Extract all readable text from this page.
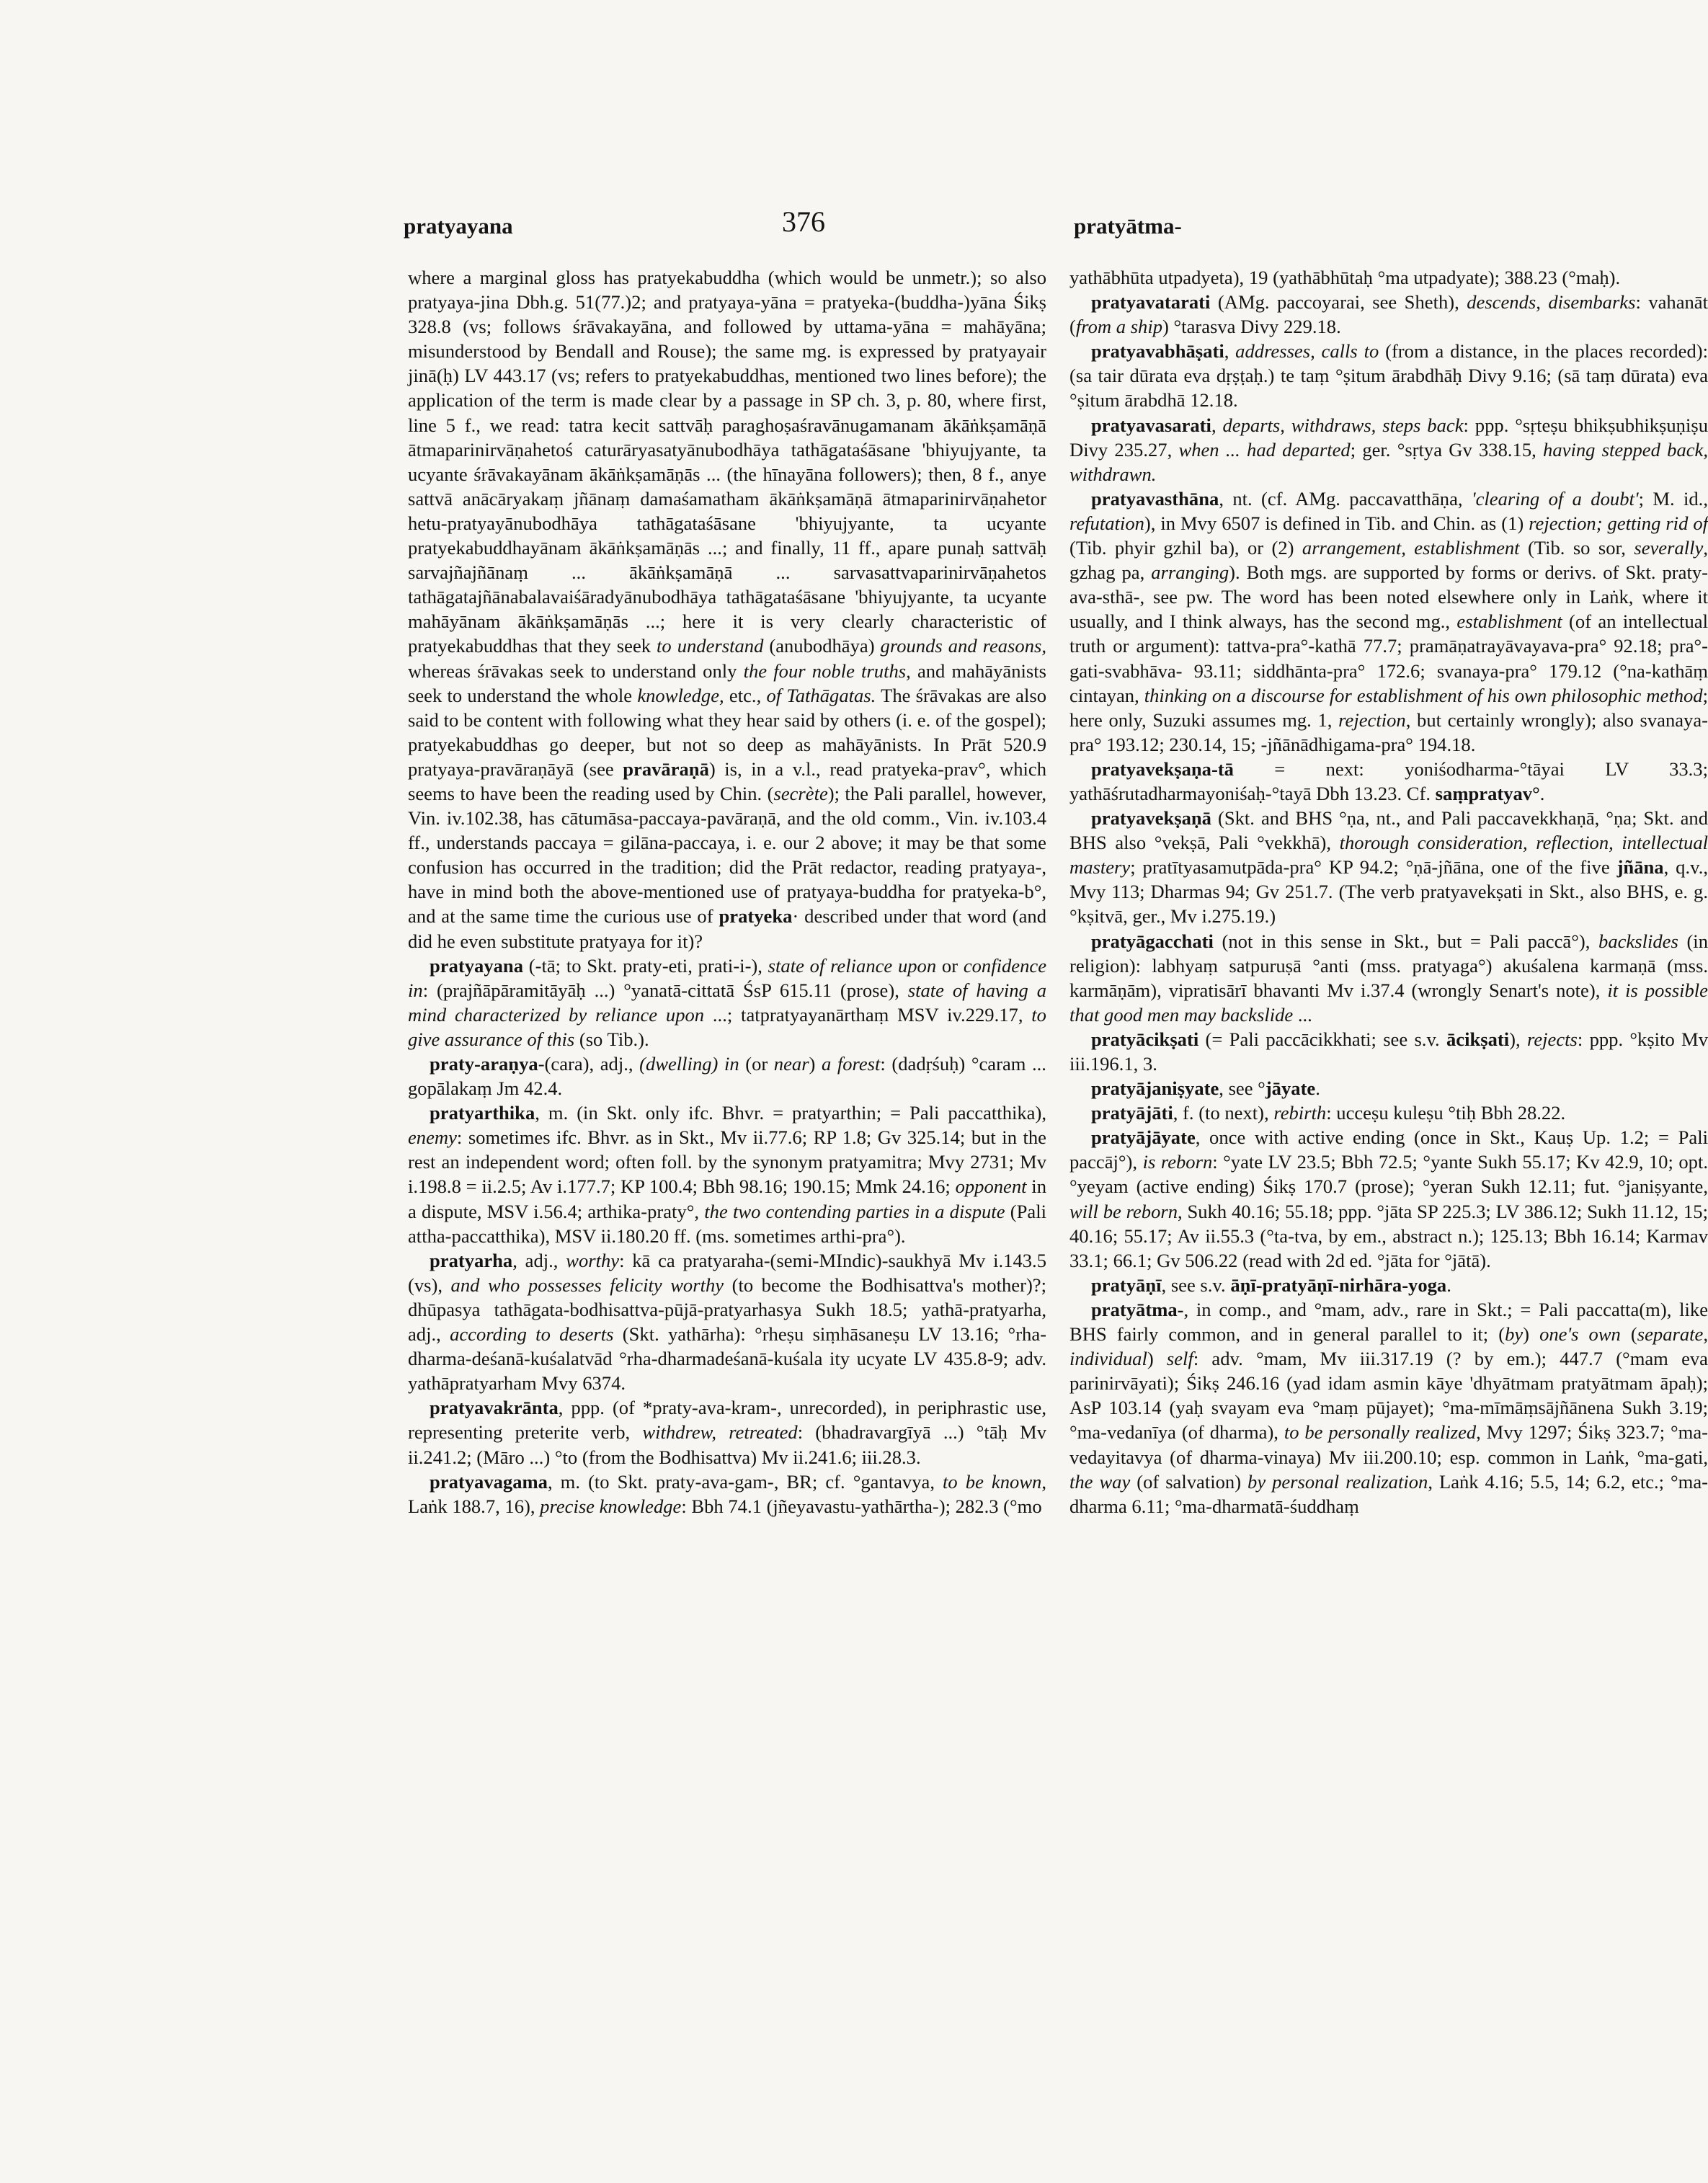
pratyayana	376	pratyātma-

where a marginal gloss has pratyekabuddha (which would be unmetr.); so also pratyaya-jina Dbh.g. 51(77.)2; and pratyaya-yāna = pratyeka-(buddha-)yāna Śikṣ 328.8 (vs; follows śrāvakayāna, and followed by uttama-yāna = mahāyāna; misunderstood by Bendall and Rouse); the same mg. is expressed by pratyayair jinā(ḥ) LV 443.17 (vs; refers to pratyekabuddhas, mentioned two lines before); the application of the term is made clear by a passage in SP ch. 3, p. 80, where first, line 5 f., we read: tatra kecit sattvāḥ paraghoṣaśravānugamanam ākāṅkṣamāṇā ātmaparinirvāṇahetoś caturāryasatyānubodhāya tathāgataśāsane 'bhiyujyante, ta ucyante śrāvakayānam ākāṅkṣamāṇās ... (the hīnayāna followers); then, 8 f., anye sattvā anācāryakaṃ jñānaṃ damaśamatham ākāṅkṣamāṇā ātmaparinirvāṇahetor hetu-pratyayānubodhāya tathāgataśāsane 'bhiyujyante, ta ucyante pratyekabuddhayānam ākāṅkṣamāṇās ...; and finally, 11 ff., apare punaḥ sattvāḥ sarvajñajñānaṃ ... ākāṅkṣamāṇā ... sarvasattvaparinirvāṇahetos tathāgatajñānabalavaiśāradyānubodhāya tathāgataśāsane 'bhiyujyante, ta ucyante mahāyānam ākāṅkṣamāṇās ...; here it is very clearly characteristic of pratyekabuddhas that they seek to understand (anubodhāya) grounds and reasons, whereas śrāvakas seek to understand only the four noble truths, and mahāyānists seek to understand the whole knowledge, etc., of Tathāgatas. The śrāvakas are also said to be content with following what they hear said by others (i. e. of the gospel); pratyekabuddhas go deeper, but not so deep as mahāyānists. In Prāt 520.9 pratyaya-pravāraṇāyā (see pravāraṇā) is, in a v.l., read pratyeka-prav°, which seems to have been the reading used by Chin. (secrète); the Pali parallel, however, Vin. iv.102.38, has cātumāsa-paccaya-pavāraṇā, and the old comm., Vin. iv.103.4 ff., understands paccaya = gilāna-paccaya, i. e. our 2 above; it may be that some confusion has occurred in the tradition; did the Prāt redactor, reading pratyaya-, have in mind both the above-mentioned use of pratyaya-buddha for pratyeka-b°, and at the same time the curious use of pratyeka· described under that word (and did he even substitute pratyaya for it)?

pratyayana (-tā; to Skt. praty-eti, prati-i-), state of reliance upon or confidence in: (prajñāpāramitāyāḥ ...) °yanatā-cittatā ŚsP 615.11 (prose), state of having a mind characterized by reliance upon ...; tatpratyayanārthaṃ MSV iv.229.17, to give assurance of this (so Tib.).

praty-araṇya-(cara), adj., (dwelling) in (or near) a forest: (dadṛśuḥ) °caram ... gopālakaṃ Jm 42.4.

pratyarthika, m. (in Skt. only ifc. Bhvr. = pratyarthin; = Pali paccatthika), enemy: sometimes ifc. Bhvr. as in Skt., Mv ii.77.6; RP 1.8; Gv 325.14; but in the rest an independent word; often foll. by the synonym pratyamitra; Mvy 2731; Mv i.198.8 = ii.2.5; Av i.177.7; KP 100.4; Bbh 98.16; 190.15; Mmk 24.16; opponent in a dispute, MSV i.56.4; arthika-praty°, the two contending parties in a dispute (Pali attha-paccatthika), MSV ii.180.20 ff. (ms. sometimes arthi-pra°).

pratyarha, adj., worthy: kā ca pratyaraha-(semi-MIndic)-saukhyā Mv i.143.5 (vs), and who possesses felicity worthy (to become the Bodhisattva's mother)?; dhūpasya tathāgata-bodhisattva-pūjā-pratyarhasya Sukh 18.5; yathā-pratyarha, adj., according to deserts (Skt. yathārha): °rheṣu siṃhāsaneṣu LV 13.16; °rha-dharma-deśanā-kuśalatvād °rha-dharmadeśanā-kuśala ity ucyate LV 435.8-9; adv. yathāpratyarham Mvy 6374.

pratyavakrānta, ppp. (of *praty-ava-kram-, unrecorded), in periphrastic use, representing preterite verb, withdrew, retreated: (bhadravargīyā ...) °tāḥ Mv ii.241.2; (Māro ...) °to (from the Bodhisattva) Mv ii.241.6; iii.28.3.

pratyavagama, m. (to Skt. praty-ava-gam-, BR; cf. °gantavya, to be known, Laṅk 188.7, 16), precise knowledge: Bbh 74.1 (jñeyavastu-yathārtha-); 282.3 (°mo

yathābhūta utpadyeta), 19 (yathābhūtaḥ °ma utpadyate); 388.23 (°maḥ).

pratyavatarati (AMg. paccoyarai, see Sheth), descends, disembarks: vahanāt (from a ship) °tarasva Divy 229.18.

pratyavabhāṣati, addresses, calls to (from a distance, in the places recorded): (sa tair dūrata eva dṛṣṭaḥ.) te taṃ °ṣitum ārabdhāḥ Divy 9.16; (sā taṃ dūrata) eva °ṣitum ārabdhā 12.18.

pratyavasarati, departs, withdraws, steps back: ppp. °sṛteṣu bhikṣubhikṣuṇiṣu Divy 235.27, when ... had departed; ger. °sṛtya Gv 338.15, having stepped back, withdrawn.

pratyavasthāna, nt. (cf. AMg. paccavatthāṇa, 'clearing of a doubt'; M. id., refutation), in Mvy 6507 is defined in Tib. and Chin. as (1) rejection; getting rid of (Tib. phyir gzhil ba), or (2) arrangement, establishment (Tib. so sor, severally, gzhag pa, arranging). Both mgs. are supported by forms or derivs. of Skt. praty-ava-sthā-, see pw. The word has been noted elsewhere only in Laṅk, where it usually, and I think always, has the second mg., establishment (of an intellectual truth or argument): tattva-pra°-kathā 77.7; pramāṇatrayāvayava-pra° 92.18; pra°-gati-svabhāva- 93.11; siddhānta-pra° 172.6; svanaya-pra° 179.12 (°na-kathāṃ cintayan, thinking on a discourse for establishment of his own philosophic method; here only, Suzuki assumes mg. 1, rejection, but certainly wrongly); also svanaya-pra° 193.12; 230.14, 15; -jñānādhigama-pra° 194.18.

pratyavekṣaṇa-tā = next: yoniśodharma-°tāyai LV 33.3; yathāśrutadharmayoniśaḥ-°tayā Dbh 13.23. Cf. saṃpratyav°.

pratyavekṣaṇā (Skt. and BHS °ṇa, nt., and Pali paccavekkhaṇā, °ṇa; Skt. and BHS also °vekṣā, Pali °vekkhā), thorough consideration, reflection, intellectual mastery; pratītyasamutpāda-pra° KP 94.2; °ṇā-jñāna, one of the five jñāna, q.v., Mvy 113; Dharmas 94; Gv 251.7. (The verb pratyavekṣati in Skt., also BHS, e. g. °kṣitvā, ger., Mv i.275.19.)

pratyāgacchati (not in this sense in Skt., but = Pali paccā°), backslides (in religion): labhyaṃ satpuruṣā °anti (mss. pratyaga°) akuśalena karmaṇā (mss. karmāṇām), vipratisārī bhavanti Mv i.37.4 (wrongly Senart's note), it is possible that good men may backslide ...

pratyācikṣati (= Pali paccācikkhati; see s.v. ācikṣati), rejects: ppp. °kṣito Mv iii.196.1, 3.

pratyājaniṣyate, see °jāyate.

pratyājāti, f. (to next), rebirth: ucceṣu kuleṣu °tiḥ Bbh 28.22.

pratyājāyate, once with active ending (once in Skt., Kauṣ Up. 1.2; = Pali paccāj°), is reborn: °yate LV 23.5; Bbh 72.5; °yante Sukh 55.17; Kv 42.9, 10; opt. °yeyam (active ending) Śikṣ 170.7 (prose); °yeran Sukh 12.11; fut. °janiṣyante, will be reborn, Sukh 40.16; 55.18; ppp. °jāta SP 225.3; LV 386.12; Sukh 11.12, 15; 40.16; 55.17; Av ii.55.3 (°ta-tva, by em., abstract n.); 125.13; Bbh 16.14; Karmav 33.1; 66.1; Gv 506.22 (read with 2d ed. °jāta for °jātā).

pratyāṇī, see s.v. āṇī-pratyāṇī-nirhāra-yoga.

pratyātma-, in comp., and °mam, adv., rare in Skt.; = Pali paccatta(m), like BHS fairly common, and in general parallel to it; (by) one's own (separate, individual) self: adv. °mam, Mv iii.317.19 (? by em.); 447.7 (°mam eva parinirvāyati); Śikṣ 246.16 (yad idam asmin kāye 'dhyātmam pratyātmam āpaḥ); AsP 103.14 (yaḥ svayam eva °maṃ pūjayet); °ma-mīmāṃsājñānena Sukh 3.19; °ma-vedanīya (of dharma), to be personally realized, Mvy 1297; Śikṣ 323.7; °ma-vedayitavya (of dharma-vinaya) Mv iii.200.10; esp. common in Laṅk, °ma-gati, the way (of salvation) by personal realization, Laṅk 4.16; 5.5, 14; 6.2, etc.; °ma-dharma 6.11; °ma-dharmatā-śuddhaṃ
